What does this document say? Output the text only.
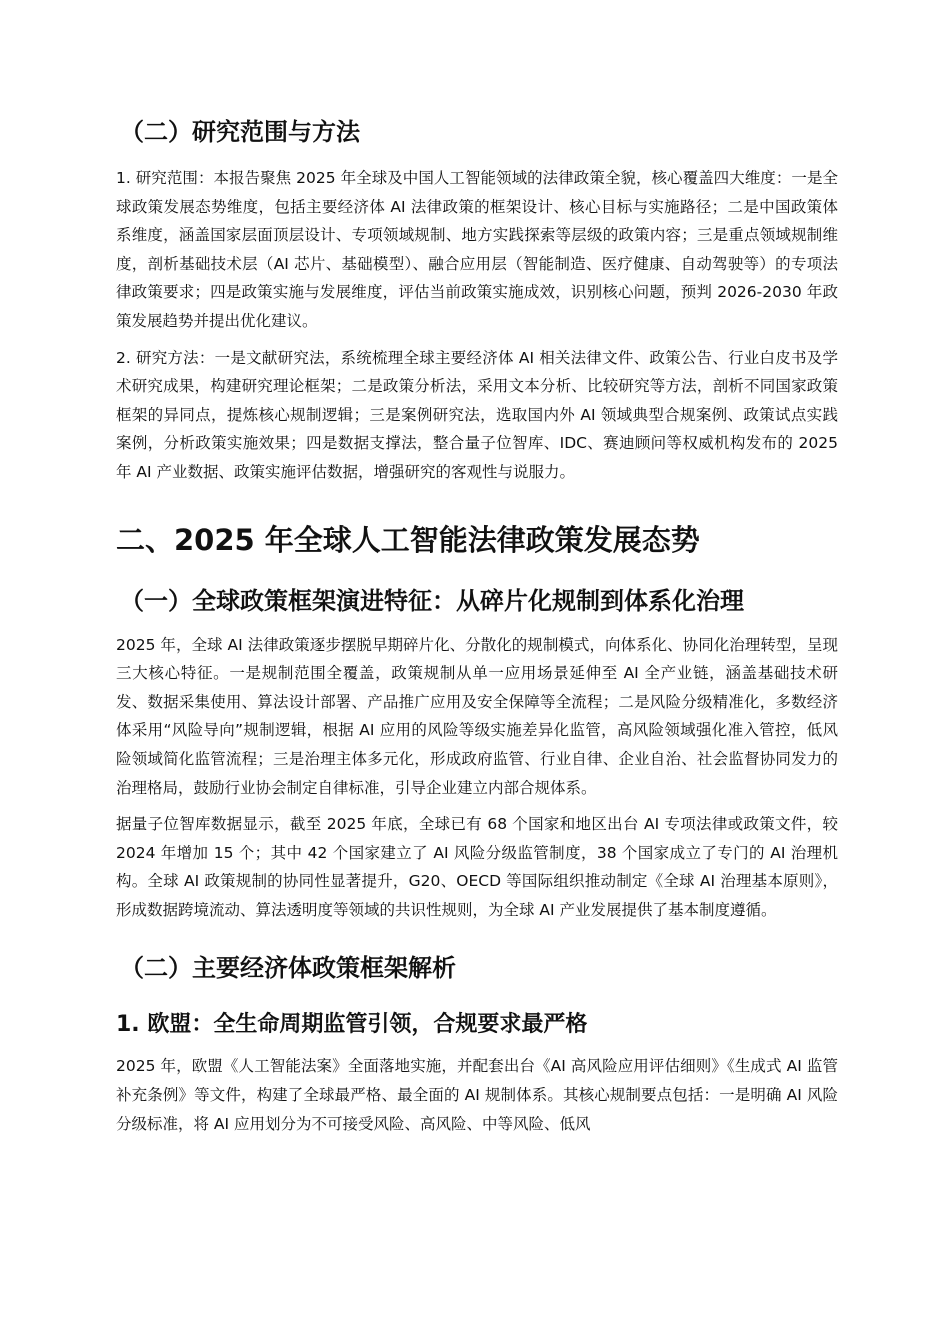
（二）研究范围与方法

1. 研究范围：本报告聚焦 2025 年全球及中国人工智能领域的法律政策全貌，核心覆盖四大维度：一是全球政策发展态势维度，包括主要经济体 AI 法律政策的框架设计、核心目标与实施路径；二是中国政策体系维度，涵盖国家层面顶层设计、专项领域规制、地方实践探索等层级的政策内容；三是重点领域规制维度，剖析基础技术层（AI 芯片、基础模型）、融合应用层（智能制造、医疗健康、自动驾驶等）的专项法律政策要求；四是政策实施与发展维度，评估当前政策实施成效，识别核心问题，预判 2026-2030 年政策发展趋势并提出优化建议。

2. 研究方法：一是文献研究法，系统梳理全球主要经济体 AI 相关法律文件、政策公告、行业白皮书及学术研究成果，构建研究理论框架；二是政策分析法，采用文本分析、比较研究等方法，剖析不同国家政策框架的异同点，提炼核心规制逻辑；三是案例研究法，选取国内外 AI 领域典型合规案例、政策试点实践案例，分析政策实施效果；四是数据支撑法，整合量子位智库、IDC、赛迪顾问等权威机构发布的 2025 年 AI 产业数据、政策实施评估数据，增强研究的客观性与说服力。

二、2025 年全球人工智能法律政策发展态势
（一）全球政策框架演进特征：从碎片化规制到体系化治理

2025 年，全球 AI 法律政策逐步摆脱早期碎片化、分散化的规制模式，向体系化、协同化治理转型，呈现三大核心特征。一是规制范围全覆盖，政策规制从单一应用场景延伸至 AI 全产业链，涵盖基础技术研发、数据采集使用、算法设计部署、产品推广应用及安全保障等全流程；二是风险分级精准化，多数经济体采用“风险导向”规制逻辑，根据 AI 应用的风险等级实施差异化监管，高风险领域强化准入管控，低风险领域简化监管流程；三是治理主体多元化，形成政府监管、行业自律、企业自治、社会监督协同发力的治理格局，鼓励行业协会制定自律标准，引导企业建立内部合规体系。

据量子位智库数据显示，截至 2025 年底，全球已有 68 个国家和地区出台 AI 专项法律或政策文件，较 2024 年增加 15 个；其中 42 个国家建立了 AI 风险分级监管制度，38 个国家成立了专门的 AI 治理机构。全球 AI 政策规制的协同性显著提升，G20、OECD 等国际组织推动制定《全球 AI 治理基本原则》，形成数据跨境流动、算法透明度等领域的共识性规则，为全球 AI 产业发展提供了基本制度遵循。

（二）主要经济体政策框架解析
1. 欧盟：全生命周期监管引领，合规要求最严格

2025 年，欧盟《人工智能法案》全面落地实施，并配套出台《AI 高风险应用评估细则》《生成式 AI 监管补充条例》等文件，构建了全球最严格、最全面的 AI 规制体系。其核心规制要点包括：一是明确 AI 风险分级标准，将 AI 应用划分为不可接受风险、高风险、中等风险、低风
